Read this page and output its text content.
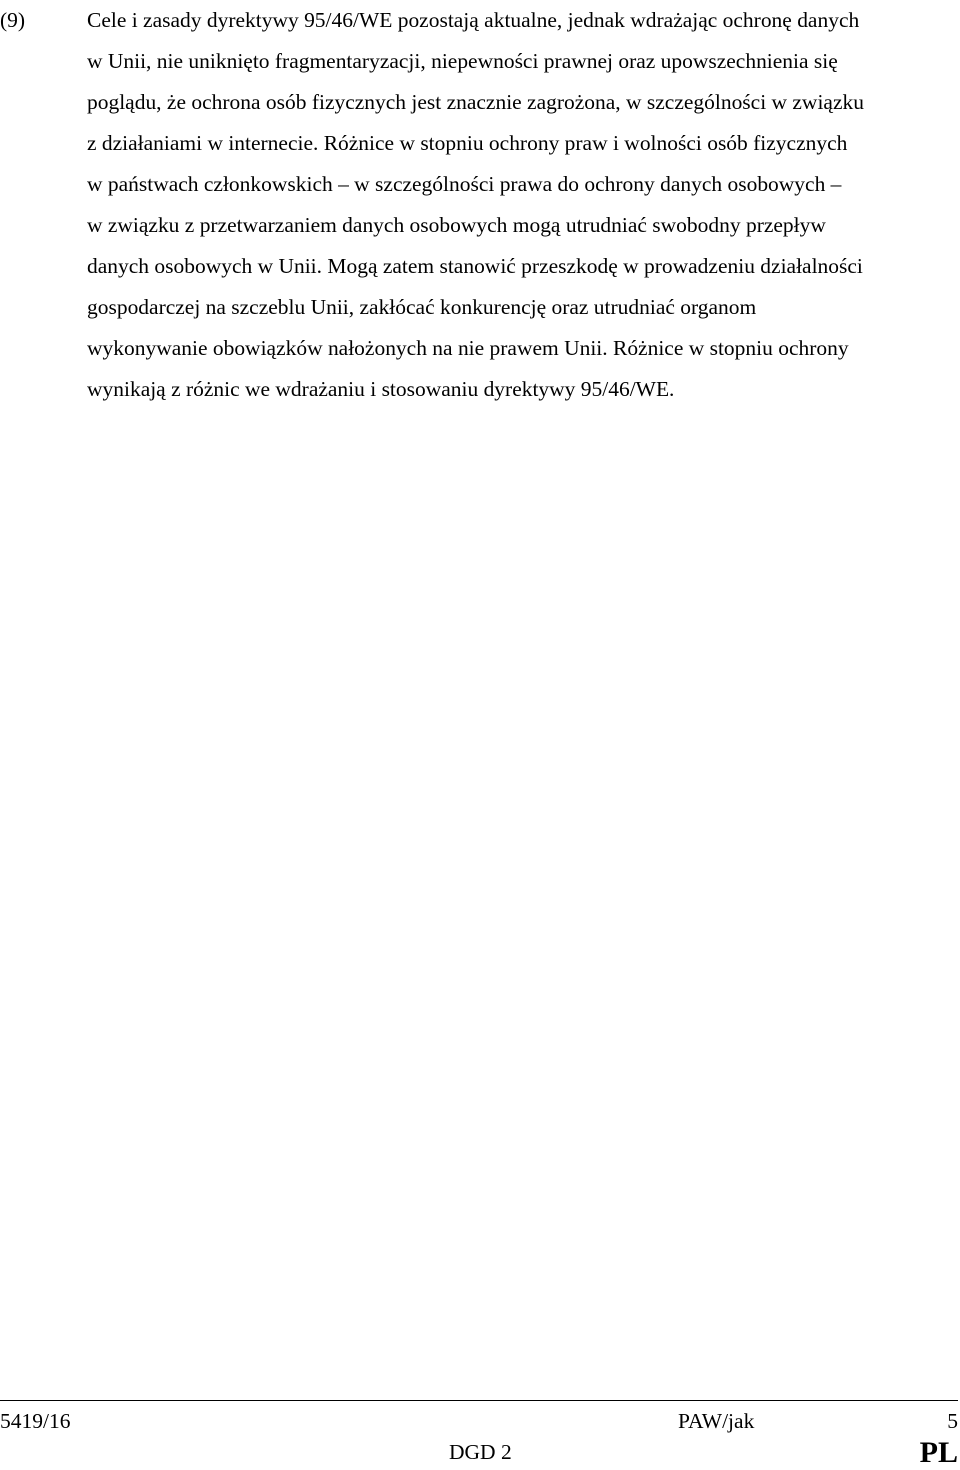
(9)	Cele i zasady dyrektywy 95/46/WE pozostają aktualne, jednak wdrażając ochronę danych
w Unii, nie uniknięto fragmentaryzacji, niepewności prawnej oraz upowszechnienia się
poglądu, że ochrona osób fizycznych jest znacznie zagrożona, w szczególności w związku
z działaniami w internecie. Różnice w stopniu ochrony praw i wolności osób fizycznych
w państwach członkowskich – w szczególności prawa do ochrony danych osobowych –
w związku z przetwarzaniem danych osobowych mogą utrudniać swobodny przepływ
danych osobowych w Unii. Mogą zatem stanowić przeszkodę w prowadzeniu działalności
gospodarczej na szczeblu Unii, zakłócać konkurencję oraz utrudniać organom
wykonywanie obowiązków nałożonych na nie prawem Unii. Różnice w stopniu ochrony
wynikają z różnic we wdrażaniu i stosowaniu dyrektywy 95/46/WE.
5419/16	PAW/jak	5
DGD 2	PL
